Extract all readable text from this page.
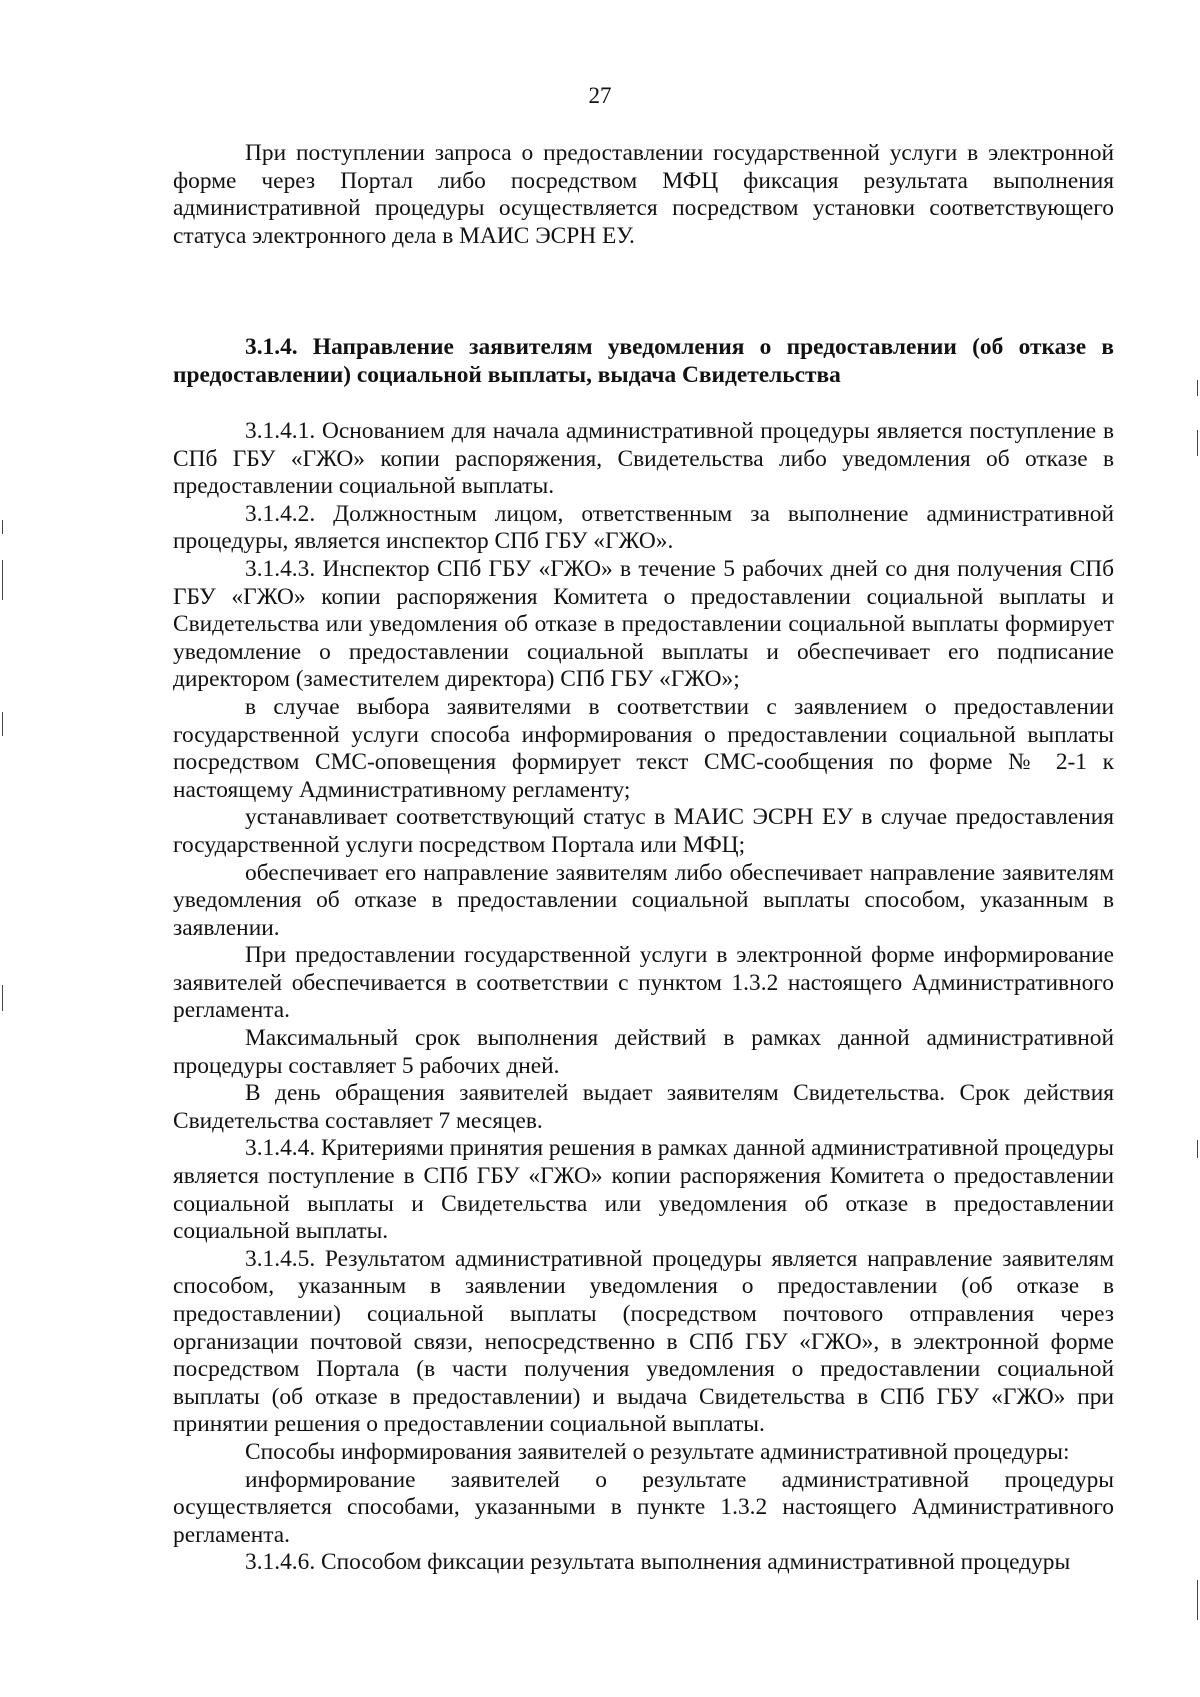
27

При поступлении запроса о предоставлении государственной услуги в электронной форме через Портал либо посредством МФЦ фиксация результата выполнения административной процедуры осуществляется посредством установки соответствующего статуса электронного дела в МАИС ЭСРН ЕУ.

3.1.4. Направление заявителям уведомления о предоставлении (об отказе в предоставлении) социальной выплаты, выдача Свидетельства

3.1.4.1. Основанием для начала административной процедуры является поступление в СПб ГБУ «ГЖО» копии распоряжения, Свидетельства либо уведомления об отказе в предоставлении социальной выплаты.

3.1.4.2. Должностным лицом, ответственным за выполнение административной процедуры, является инспектор СПб ГБУ «ГЖО».

3.1.4.3. Инспектор СПб ГБУ «ГЖО» в течение 5 рабочих дней со дня получения СПб ГБУ «ГЖО» копии распоряжения Комитета о предоставлении социальной выплаты и Свидетельства или уведомления об отказе в предоставлении социальной выплаты формирует уведомление о предоставлении социальной выплаты и обеспечивает его подписание директором (заместителем директора) СПб ГБУ «ГЖО»;

в случае выбора заявителями в соответствии с заявлением о предоставлении государственной услуги способа информирования о предоставлении социальной выплаты посредством СМС-оповещения формирует текст СМС-сообщения по форме № 2-1 к настоящему Административному регламенту;

устанавливает соответствующий статус в МАИС ЭСРН ЕУ в случае предоставления государственной услуги посредством Портала или МФЦ;

обеспечивает его направление заявителям либо обеспечивает направление заявителям уведомления об отказе в предоставлении социальной выплаты способом, указанным в заявлении.

При предоставлении государственной услуги в электронной форме информирование заявителей обеспечивается в соответствии с пунктом 1.3.2 настоящего Административного регламента.

Максимальный срок выполнения действий в рамках данной административной процедуры составляет 5 рабочих дней.

В день обращения заявителей выдает заявителям Свидетельства. Срок действия Свидетельства составляет 7 месяцев.

3.1.4.4. Критериями принятия решения в рамках данной административной процедуры является поступление в СПб ГБУ «ГЖО» копии распоряжения Комитета о предоставлении социальной выплаты и Свидетельства или уведомления об отказе в предоставлении социальной выплаты.

3.1.4.5. Результатом административной процедуры является направление заявителям способом, указанным в заявлении уведомления о предоставлении (об отказе в предоставлении) социальной выплаты (посредством почтового отправления через организации почтовой связи, непосредственно в СПб ГБУ «ГЖО», в электронной форме посредством Портала (в части получения уведомления о предоставлении социальной выплаты (об отказе в предоставлении) и выдача Свидетельства в СПб ГБУ «ГЖО» при принятии решения о предоставлении социальной выплаты.

Способы информирования заявителей о результате административной процедуры:

информирование заявителей о результате административной процедуры осуществляется способами, указанными в пункте 1.3.2 настоящего Административного регламента.

3.1.4.6. Способом фиксации результата выполнения административной процедуры
